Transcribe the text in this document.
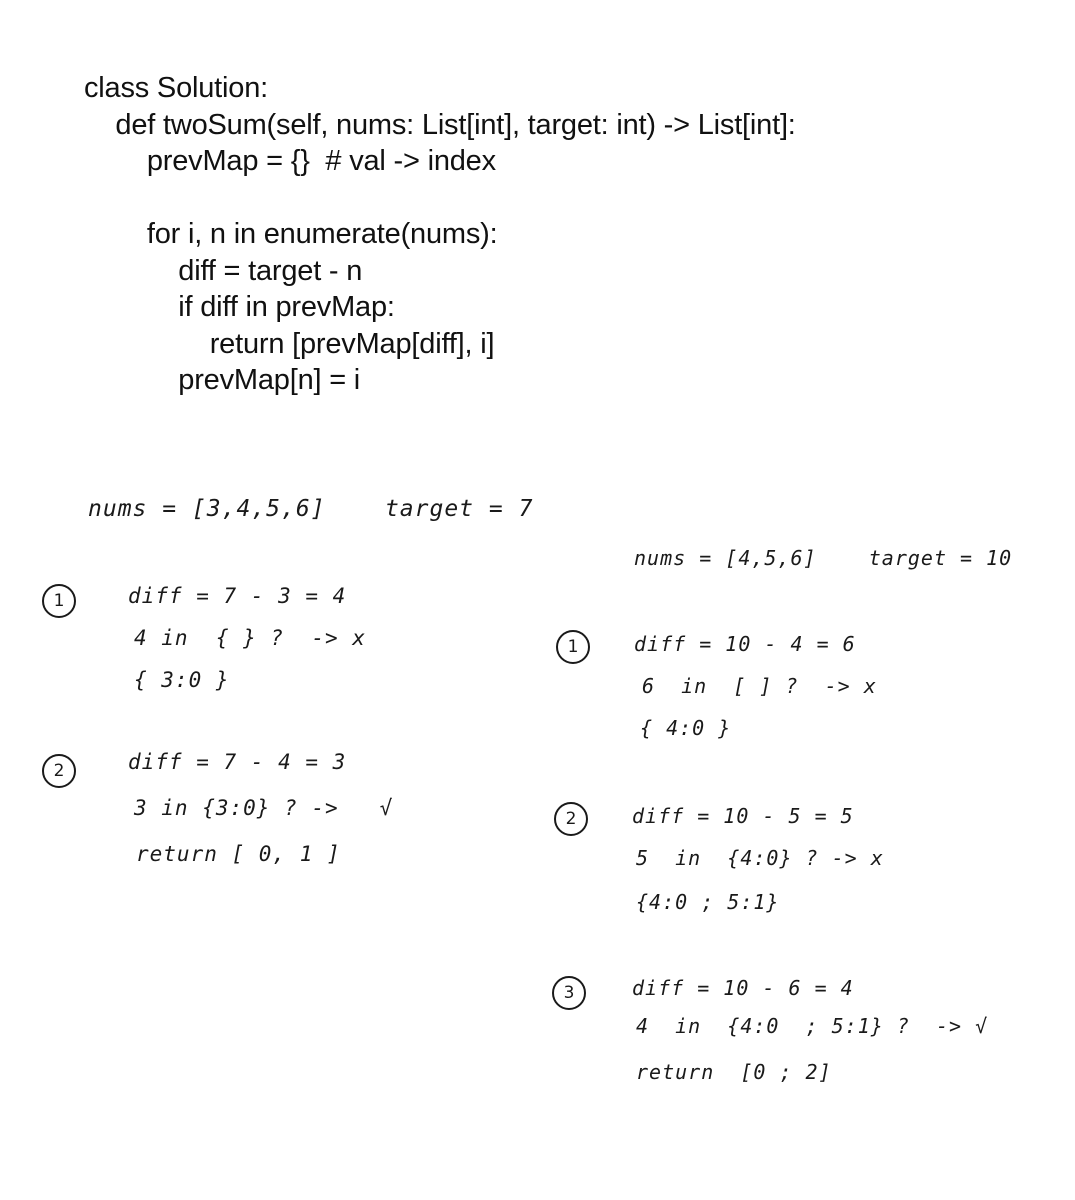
class Solution:
def twoSum(self, nums: List[int], target: int) -> List[int]:
prevMap = {}  # val -> index
for i, n in enumerate(nums):
diff = target - n
if diff in prevMap:
return [prevMap[diff], i]
prevMap[n] = i
nums = [3,4,5,6]    target = 7
1	diff = 7 - 3 = 4
4 in  { } ?  -> x
{ 3:0 }
2	diff = 7 - 4 = 3
3 in {3:0} ? ->   √
return [ 0, 1 ]
nums = [4,5,6]    target = 10
1	diff = 10 - 4 = 6
6  in  [ ] ?  -> x
{ 4:0 }
2	diff = 10 - 5 = 5
5  in  {4:0} ? -> x
{4:0 ; 5:1}
3	diff = 10 - 6 = 4
4  in  {4:0  ; 5:1} ?  -> √
return  [0 ; 2]
